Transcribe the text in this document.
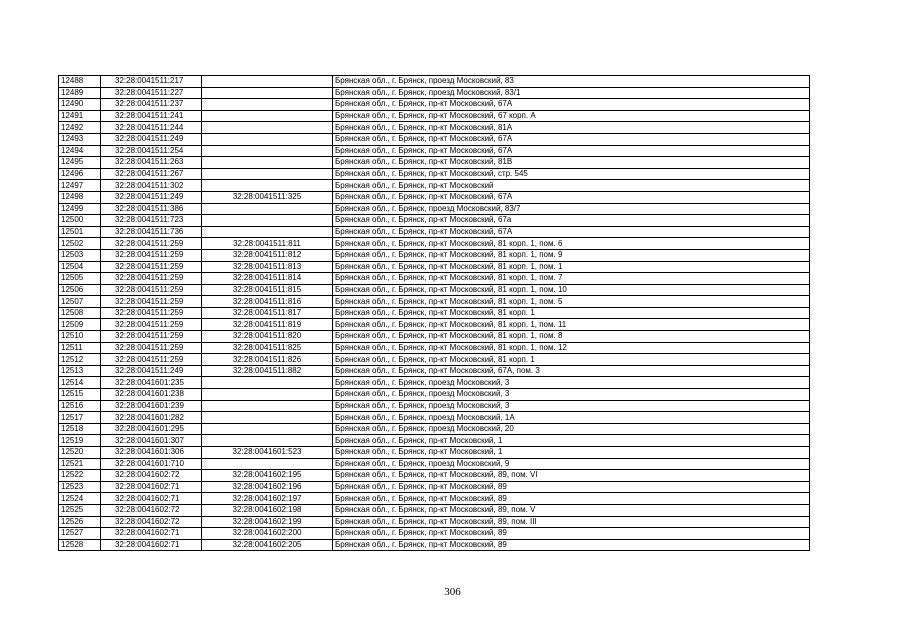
12488	32:28:0041511:217		Брянская обл., г. Брянск, проезд Московский, 83
12489	32:28:0041511:227		Брянская обл., г. Брянск, проезд Московский, 83/1
12490	32:28:0041511:237		Брянская обл., г. Брянск, пр-кт Московский, 67А
12491	32:28:0041511:241		Брянская обл., г. Брянск, пр-кт Московский, 67 корп. А
12492	32:28:0041511:244		Брянская обл., г. Брянск, пр-кт Московский, 81А
12493	32:28:0041511:249		Брянская обл., г. Брянск, пр-кт Московский, 67А
12494	32:28:0041511:254		Брянская обл., г. Брянск, пр-кт Московский, 67А
12495	32:28:0041511:263		Брянская обл., г. Брянск, пр-кт Московский, 81В
12496	32:28:0041511:267		Брянская обл., г. Брянск, пр-кт Московский, стр. 545
12497	32:28:0041511:302		Брянская обл., г. Брянск, пр-кт Московский
12498	32:28:0041511:249	32:28:0041511:325	Брянская обл., г. Брянск, пр-кт Московский, 67А
12499	32:28:0041511:386		Брянская обл., г. Брянск, проезд Московский, 83/7
12500	32:28:0041511:723		Брянская обл., г. Брянск, пр-кт Московский, 67а
12501	32:28:0041511:736		Брянская обл., г. Брянск, пр-кт Московский, 67А
12502	32:28:0041511:259	32:28:0041511:811	Брянская обл., г. Брянск, пр-кт Московский, 81 корп. 1, пом. 6
12503	32:28:0041511:259	32:28:0041511:812	Брянская обл., г. Брянск, пр-кт Московский, 81 корп. 1, пом. 9
12504	32:28:0041511:259	32:28:0041511:813	Брянская обл., г. Брянск, пр-кт Московский, 81 корп. 1, пом. 1
12505	32:28:0041511:259	32:28:0041511:814	Брянская обл., г. Брянск, пр-кт Московский, 81 корп. 1, пом. 7
12506	32:28:0041511:259	32:28:0041511:815	Брянская обл., г. Брянск, пр-кт Московский, 81 корп. 1, пом. 10
12507	32:28:0041511:259	32:28:0041511:816	Брянская обл., г. Брянск, пр-кт Московский, 81 корп. 1, пом. 5
12508	32:28:0041511:259	32:28:0041511:817	Брянская обл., г. Брянск, пр-кт Московский, 81 корп. 1
12509	32:28:0041511:259	32:28:0041511:819	Брянская обл., г. Брянск, пр-кт Московский, 81 корп. 1, пом. 11
12510	32:28:0041511:259	32:28:0041511:820	Брянская обл., г. Брянск, пр-кт Московский, 81 корп. 1, пом. 8
12511	32:28:0041511:259	32:28:0041511:825	Брянская обл., г. Брянск, пр-кт Московский, 81 корп. 1, пом. 12
12512	32:28:0041511:259	32:28:0041511:826	Брянская обл., г. Брянск, пр-кт Московский, 81 корп. 1
12513	32:28:0041511:249	32:28:0041511:882	Брянская обл., г. Брянск, пр-кт Московский, 67А, пом. 3
12514	32:28:0041601:235		Брянская обл., г. Брянск, проезд Московский, 3
12515	32:28:0041601:238		Брянская обл., г. Брянск, проезд Московский, 3
12516	32:28:0041601:239		Брянская обл., г. Брянск, проезд Московский, 3
12517	32:28:0041601:282		Брянская обл., г. Брянск, проезд Московский, 1А
12518	32:28:0041601:295		Брянская обл., г. Брянск, проезд Московский, 20
12519	32:28:0041601:307		Брянская обл., г. Брянск, пр-кт Московский, 1
12520	32:28:0041601:306	32:28:0041601:523	Брянская обл., г. Брянск, пр-кт Московский, 1
12521	32:28:0041601:710		Брянская обл., г. Брянск, проезд Московский, 9
12522	32:28:0041602:72	32:28:0041602:195	Брянская обл., г. Брянск, пр-кт Московский, 89, пом. VI
12523	32:28:0041602:71	32:28:0041602:196	Брянская обл., г. Брянск, пр-кт Московский, 89
12524	32:28:0041602:71	32:28:0041602:197	Брянская обл., г. Брянск, пр-кт Московский, 89
12525	32:28:0041602:72	32:28:0041602:198	Брянская обл., г. Брянск, пр-кт Московский, 89, пом. V
12526	32:28:0041602:72	32:28:0041602:199	Брянская обл., г. Брянск, пр-кт Московский, 89, пом. III
12527	32:28:0041602:71	32:28:0041602:200	Брянская обл., г. Брянск, пр-кт Московский, 89
12528	32:28:0041602:71	32:28:0041602:205	Брянская обл., г. Брянск, пр-кт Московский, 89
306
